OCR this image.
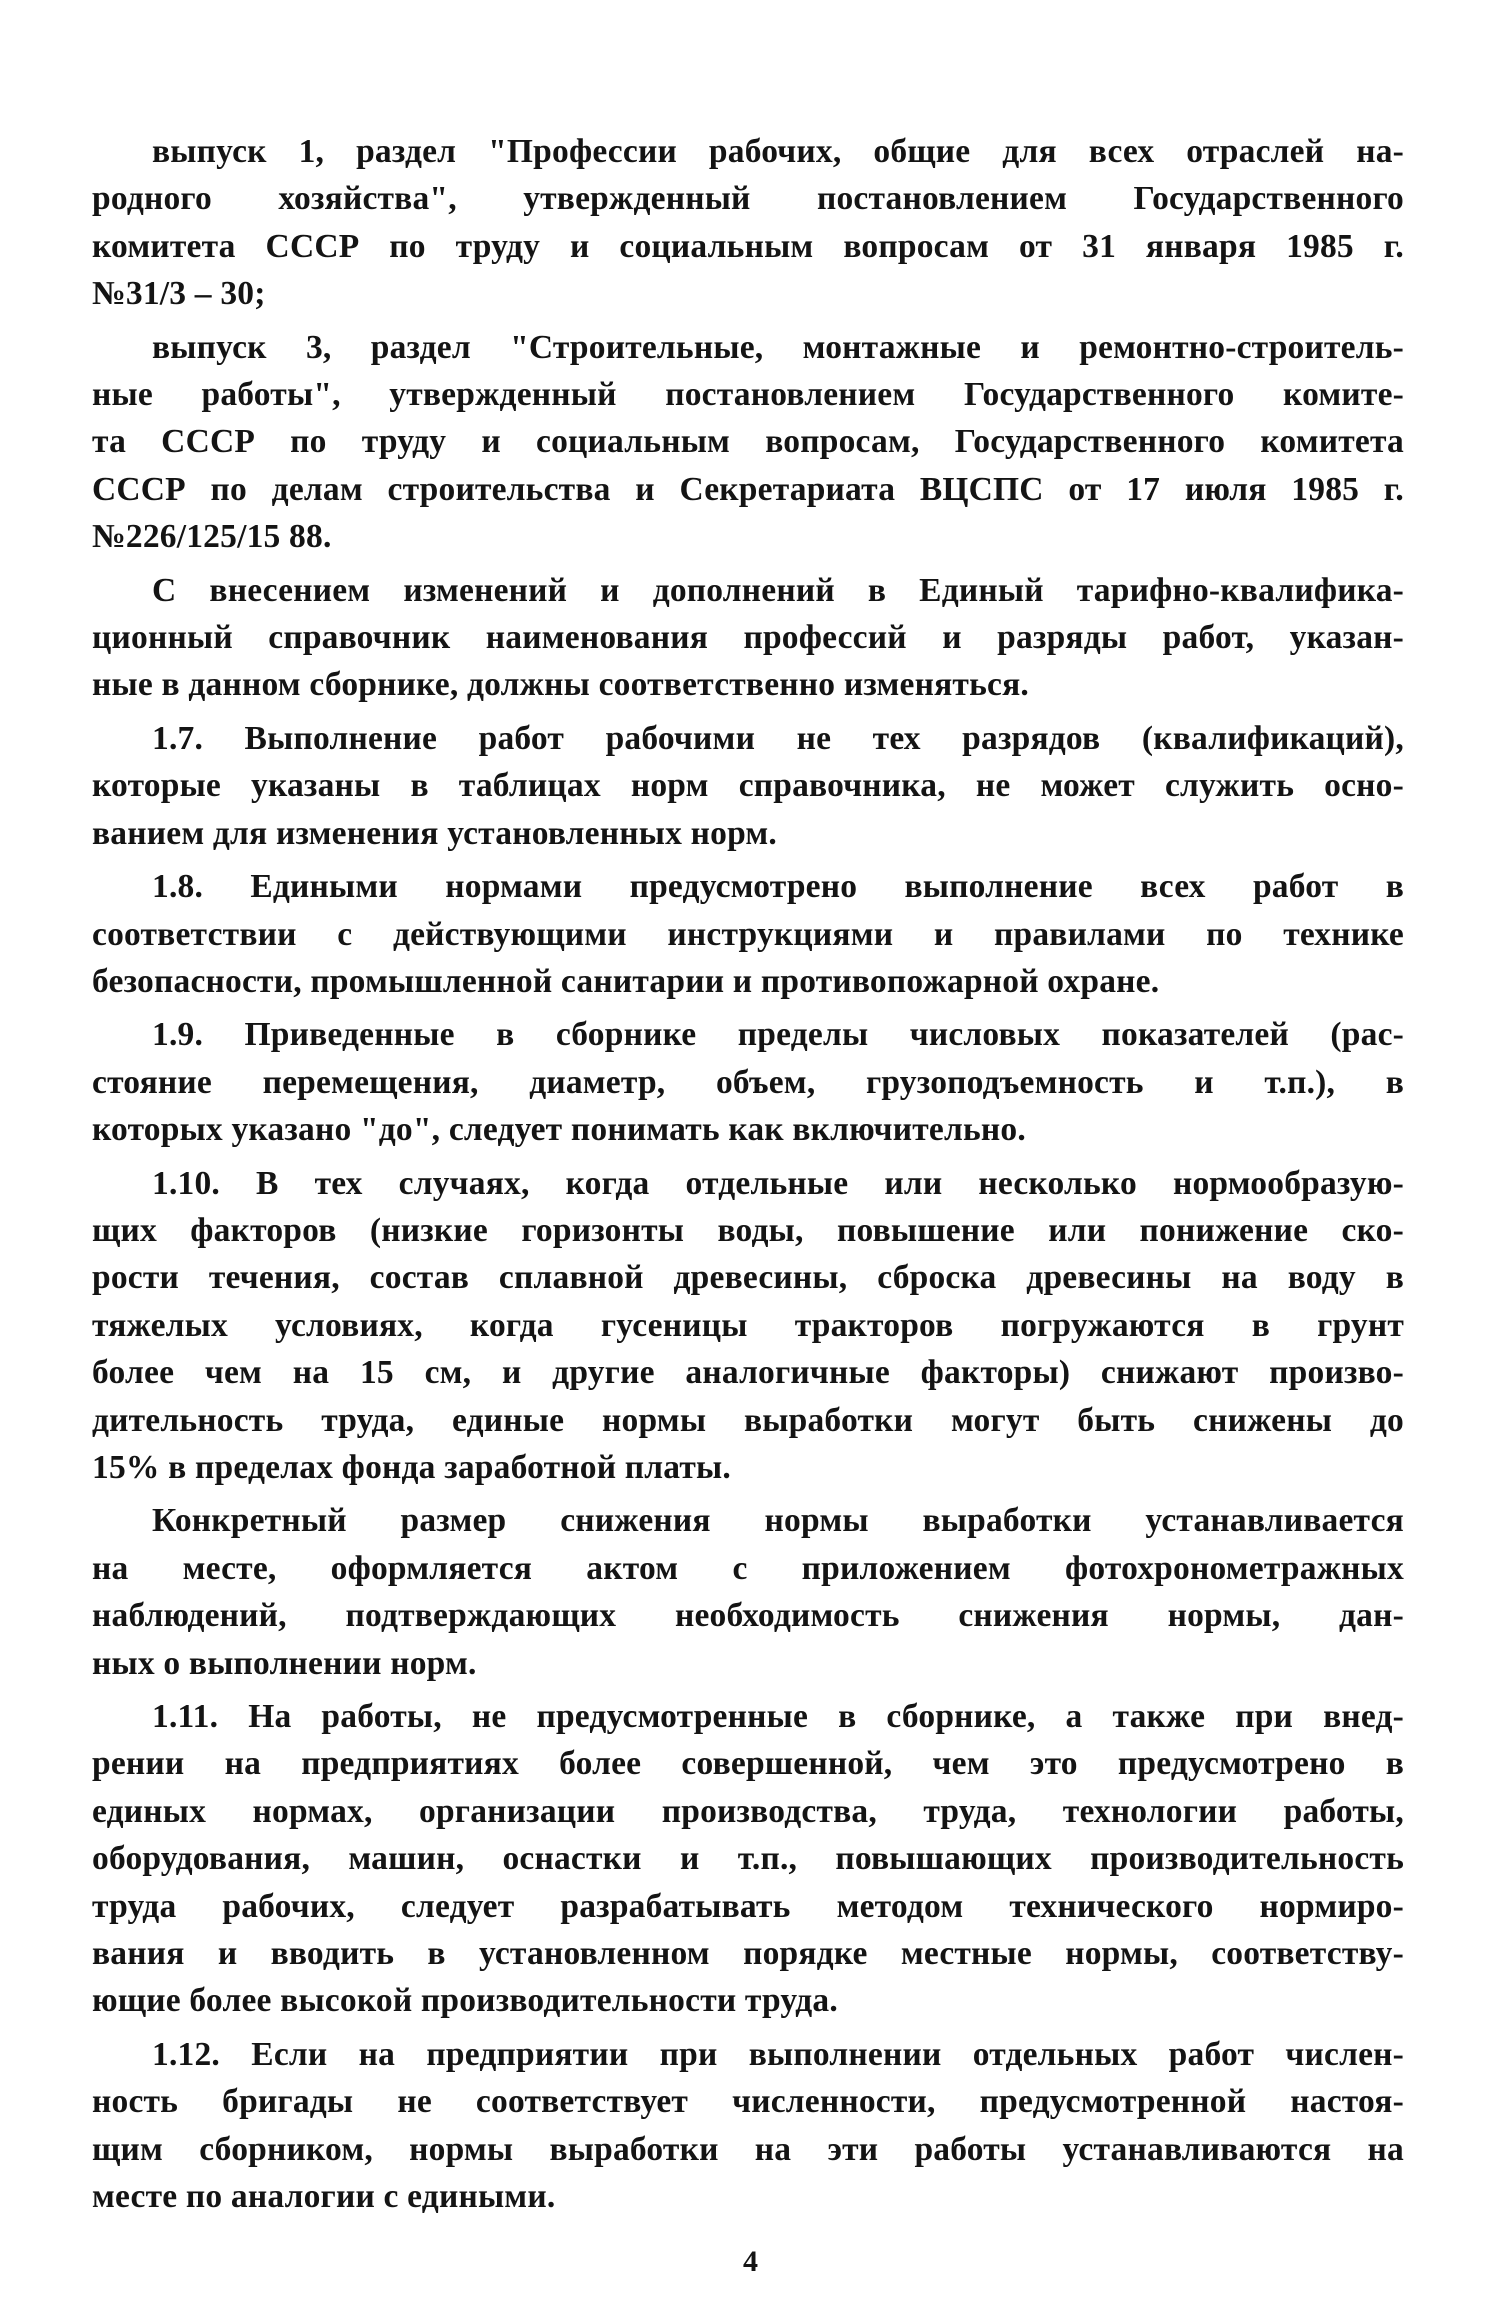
выпуск 1, раздел "Профессии рабочих, общие для всех отраслей на-
родного хозяйства", утвержденный постановлением Государственного
комитета СССР по труду и социальным вопросам от 31 января 1985 г.
№31/3 – 30;
выпуск 3, раздел "Строительные, монтажные и ремонтно-строитель-
ные работы", утвержденный постановлением Государственного комите-
та СССР по труду и социальным вопросам, Государственного комитета
СССР по делам строительства и Секретариата ВЦСПС от 17 июля 1985 г.
№226/125/15 88.
С внесением изменений и дополнений в Единый тарифно-квалифика-
ционный справочник наименования профессий и разряды работ, указан-
ные в данном сборнике, должны соответственно изменяться.
1.7. Выполнение работ рабочими не тех разрядов (квалификаций),
которые указаны в таблицах норм справочника, не может служить осно-
ванием для изменения установленных норм.
1.8. Едиными нормами предусмотрено выполнение всех работ в
соответствии с действующими инструкциями и правилами по технике
безопасности, промышленной санитарии и противопожарной охране.
1.9. Приведенные в сборнике пределы числовых показателей (рас-
стояние перемещения, диаметр, объем, грузоподъемность и т.п.), в
которых указано "до", следует понимать как включительно.
1.10. В тех случаях, когда отдельные или несколько нормообразую-
щих факторов (низкие горизонты воды, повышение или понижение ско-
рости течения, состав сплавной древесины, сброска древесины на воду в
тяжелых условиях, когда гусеницы тракторов погружаются в грунт
более чем на 15 см, и другие аналогичные факторы) снижают произво-
дительность труда, единые нормы выработки могут быть снижены до
15% в пределах фонда заработной платы.
Конкретный размер снижения нормы выработки устанавливается
на месте, оформляется актом с приложением фотохронометражных
наблюдений, подтверждающих необходимость снижения нормы, дан-
ных о выполнении норм.
1.11. На работы, не предусмотренные в сборнике, а также при внед-
рении на предприятиях более совершенной, чем это предусмотрено в
единых нормах, организации производства, труда, технологии работы,
оборудования, машин, оснастки и т.п., повышающих производительность
труда рабочих, следует разрабатывать методом технического нормиро-
вания и вводить в установленном порядке местные нормы, соответству-
ющие более высокой производительности труда.
1.12. Если на предприятии при выполнении отдельных работ числен-
ность бригады не соответствует численности, предусмотренной настоя-
щим сборником, нормы выработки на эти работы устанавливаются на
месте по аналогии с едиными.
4
